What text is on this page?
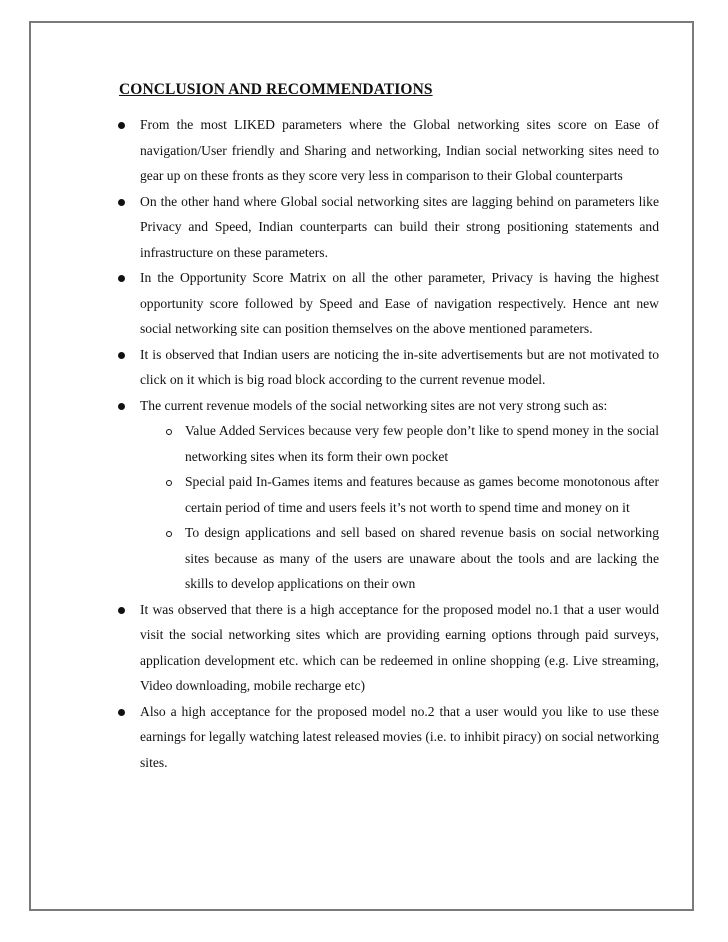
CONCLUSION AND RECOMMENDATIONS
From the most LIKED parameters where the Global networking sites score on Ease of navigation/User friendly and Sharing and networking, Indian social networking sites need to gear up on these fronts as they score very less in comparison to their Global counterparts
On the other hand where Global social networking sites are lagging behind on parameters like Privacy and Speed, Indian counterparts can build their strong positioning statements and infrastructure on these parameters.
In the Opportunity Score Matrix on all the other parameter, Privacy is having the highest opportunity score followed by Speed and Ease of navigation respectively. Hence ant new social networking site can position themselves on the above mentioned parameters.
It is observed that Indian users are noticing the in-site advertisements but are not motivated to click on it which is big road block according to the current revenue model.
The current revenue models of the social networking sites are not very strong such as:
Value Added Services because very few people don’t like to spend money in the social networking sites when its form their own pocket
Special paid In-Games items and features because as games become monotonous after certain period of time and users feels it’s not worth to spend time and money on it
To design applications and sell based on shared revenue basis on social networking sites because as many of the users are unaware about the tools and are lacking the skills to develop applications on their own
It was observed that there is a high acceptance for the proposed model no.1 that a user would visit the social networking sites which are providing earning options through paid surveys, application development etc. which can be redeemed in online shopping (e.g. Live streaming, Video downloading, mobile recharge etc)
Also a high acceptance for the proposed model no.2 that a user would you like to use these earnings for legally watching latest released movies (i.e. to inhibit piracy) on social networking sites.
